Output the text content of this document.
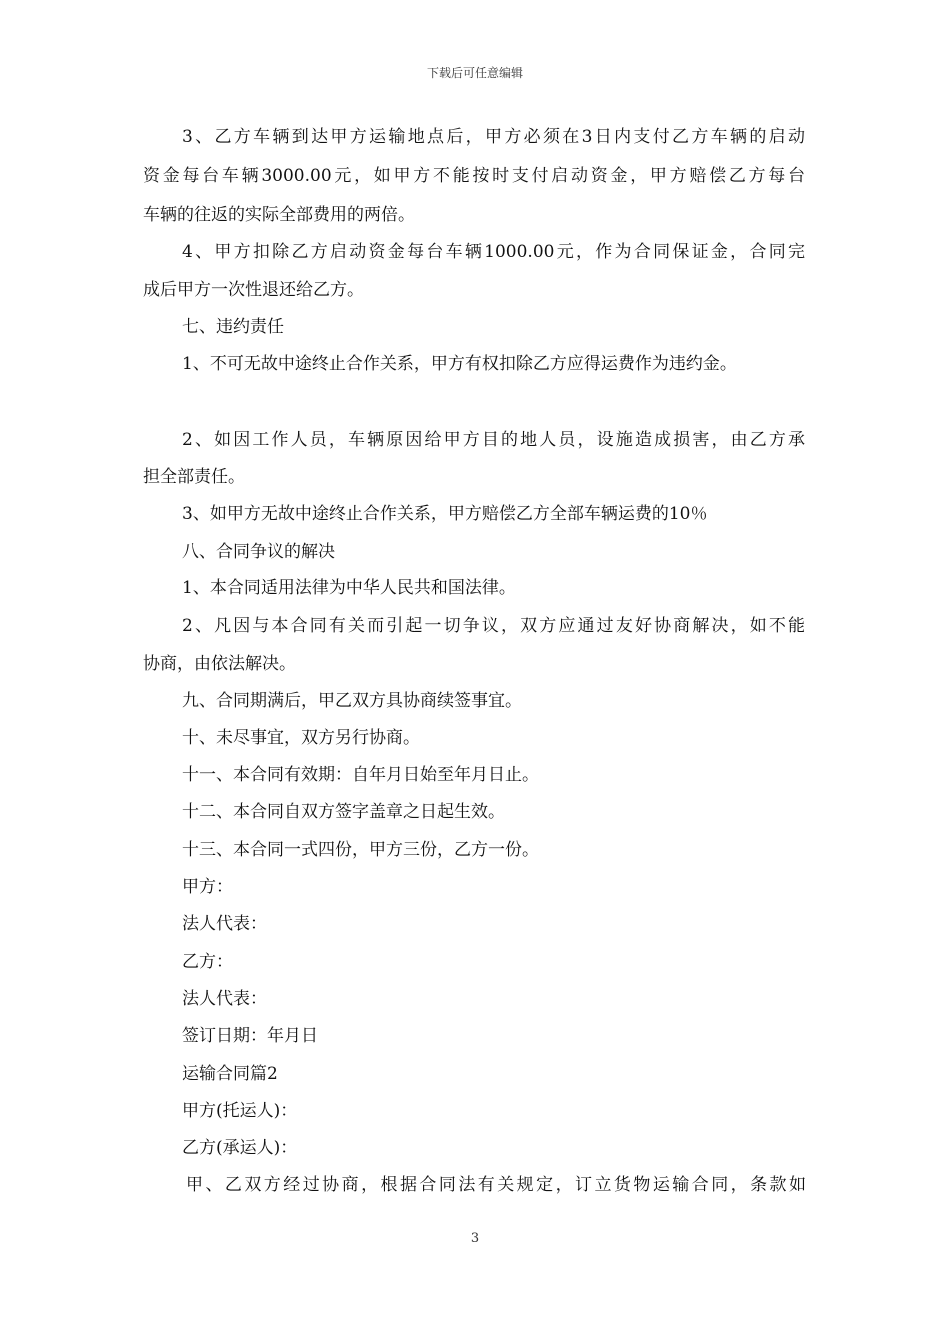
下载后可任意编辑
3、乙方车辆到达甲方运输地点后，甲方必须在3日内支付乙方车辆的启动
资金每台车辆3000.00元，如甲方不能按时支付启动资金，甲方赔偿乙方每台
车辆的往返的实际全部费用的两倍。
4、甲方扣除乙方启动资金每台车辆1000.00元，作为合同保证金，合同完
成后甲方一次性退还给乙方。
七、违约责任
1、不可无故中途终止合作关系，甲方有权扣除乙方应得运费作为违约金。
2、如因工作人员，车辆原因给甲方目的地人员，设施造成损害，由乙方承
担全部责任。
3、如甲方无故中途终止合作关系，甲方赔偿乙方全部车辆运费的10％
八、合同争议的解决
1、本合同适用法律为中华人民共和国法律。
2、凡因与本合同有关而引起一切争议，双方应通过友好协商解决，如不能
协商，由依法解决。
九、合同期满后，甲乙双方具协商续签事宜。
十、未尽事宜，双方另行协商。
十一、本合同有效期：自年月日始至年月日止。
十二、本合同自双方签字盖章之日起生效。
十三、本合同一式四份，甲方三份，乙方一份。
甲方：
法人代表：
乙方：
法人代表：
签订日期：年月日
运输合同篇2
甲方(托运人)：
乙方(承运人)：
甲、乙双方经过协商，根据合同法有关规定，订立货物运输合同，条款如
3
